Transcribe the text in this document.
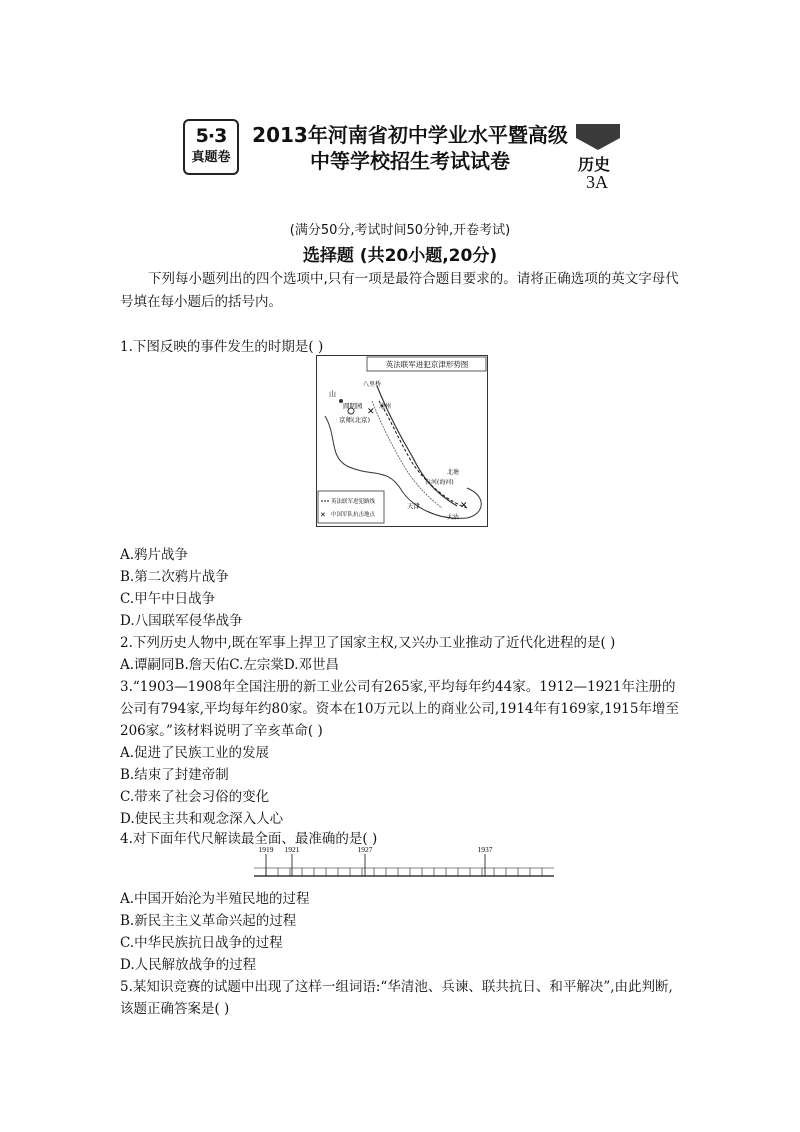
5·3
真题卷
2013年河南省初中学业水平暨高级
中等学校招生考试试卷	历史
3A
(满分50分,考试时间50分钟,开卷考试)
选择题 (共20小题,20分)
下列每小题列出的四个选项中,只有一项是最符合题目要求的。请将正确选项的英文字母代号填在每小题后的括号内。
1.下图反映的事件发生的时期是( )
英法联军进犯京津形势图
山
圆明园
八里桥
通州
京师(北京)
天津
白河(海河)
北塘
大沽
✕
✕
英法联军进犯路线
✕ 中国军队抗击地点
A.鸦片战争
B.第二次鸦片战争
C.甲午中日战争
D.八国联军侵华战争
2.下列历史人物中,既在军事上捍卫了国家主权,又兴办工业推动了近代化进程的是( )
A.谭嗣同B.詹天佑C.左宗棠D.邓世昌
3.“1903—1908年全国注册的新工业公司有265家,平均每年约44家。1912—1921年注册的公司有794家,平均每年约80家。资本在10万元以上的商业公司,1914年有169家,1915年增至206家。”该材料说明了辛亥革命( )
A.促进了民族工业的发展
B.结束了封建帝制
C.带来了社会习俗的变化
D.使民主共和观念深入人心
4.对下面年代尺解读最全面、最准确的是( )
1919 1921	1927	1937
A.中国开始沦为半殖民地的过程
B.新民主主义革命兴起的过程
C.中华民族抗日战争的过程
D.人民解放战争的过程
5.某知识竞赛的试题中出现了这样一组词语:“华清池、兵谏、联共抗日、和平解决”,由此判断,该题正确答案是( )
